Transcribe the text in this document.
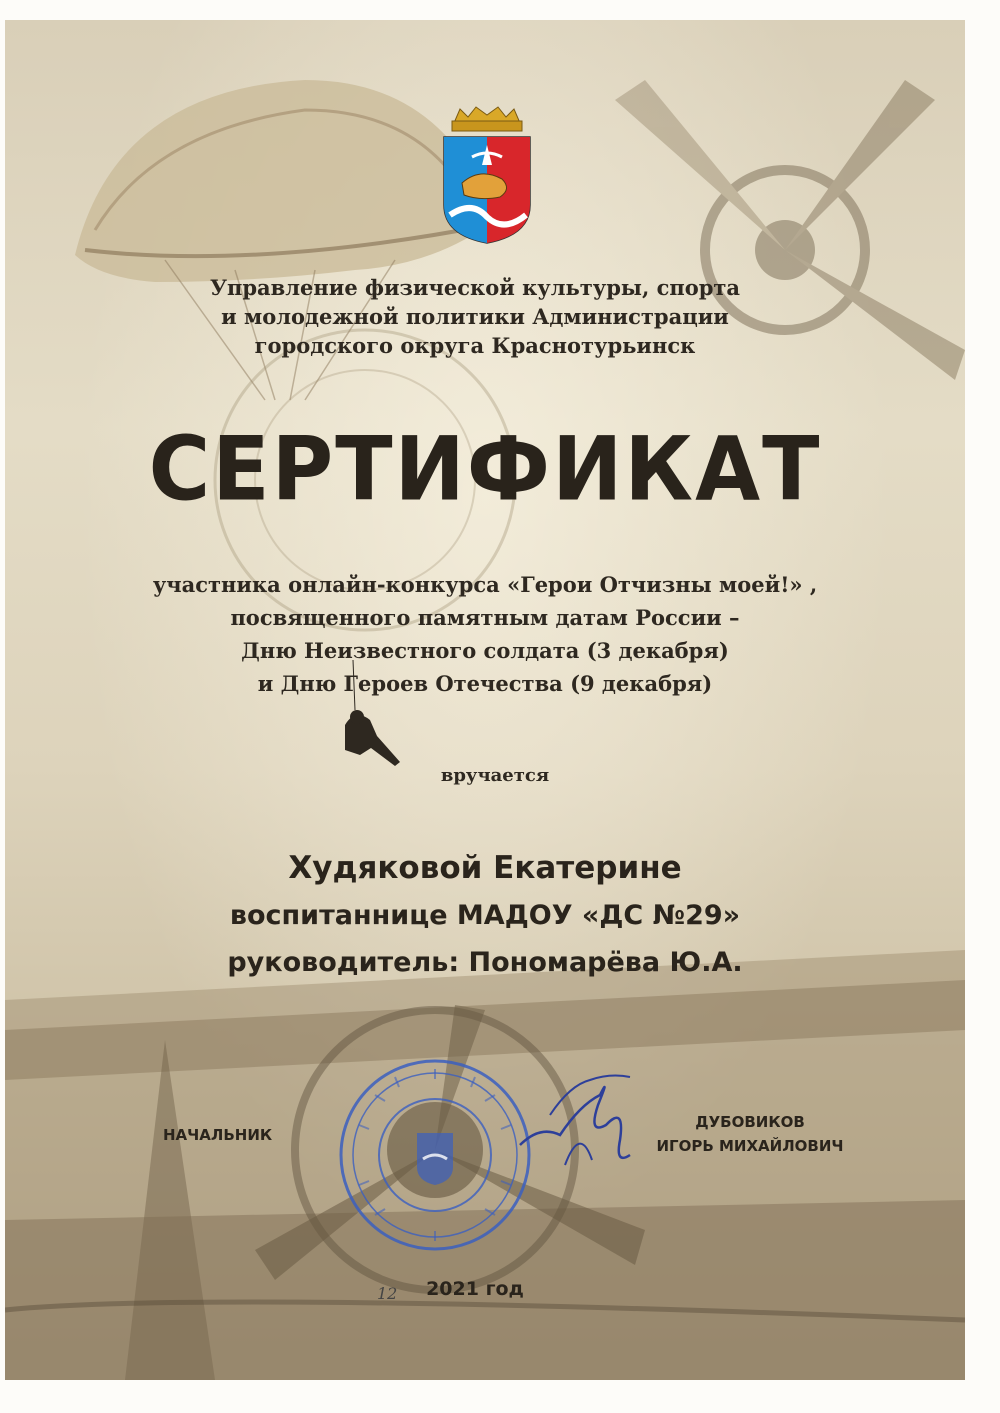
Управление физической культуры, спорта
и молодежной политики Администрации
городского округа Краснотурьинск
СЕРТИФИКАТ
участника онлайн-конкурса «Герои Отчизны моей!» ,
посвященного памятным датам России –
Дню Неизвестного солдата (3 декабря)
и Дню Героев Отечества (9 декабря)
вручается
Худяковой Екатерине
воспитаннице МАДОУ «ДС №29»
руководитель: Пономарёва Ю.А.
НАЧАЛЬНИК
ДУБОВИКОВ
ИГОРЬ МИХАЙЛОВИЧ
12	2021 год
